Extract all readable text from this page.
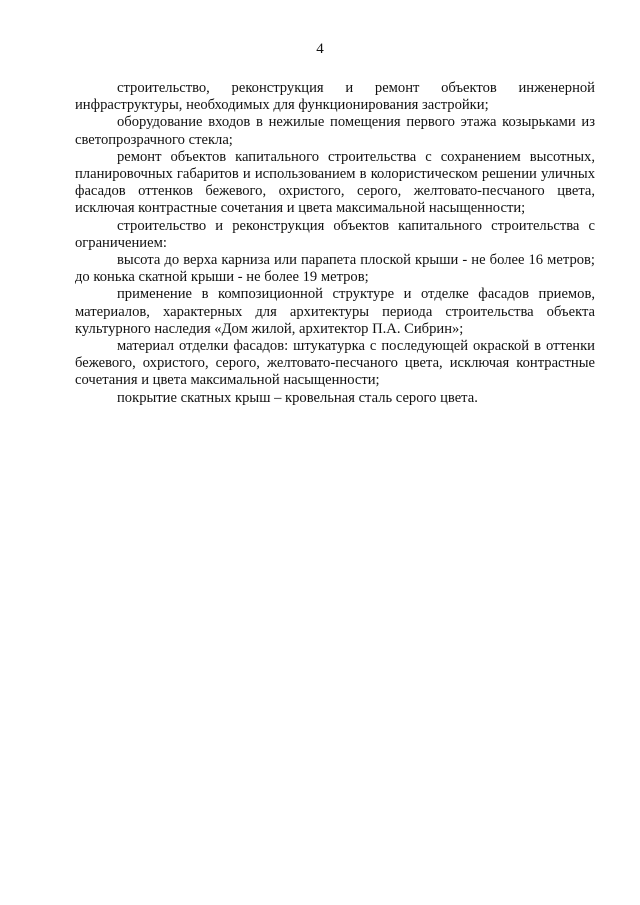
4

строительство, реконструкция и ремонт объектов инженерной инфраструктуры, необходимых для функционирования застройки;

оборудование входов в нежилые помещения первого этажа козырьками из светопрозрачного стекла;

ремонт объектов капитального строительства с сохранением высотных, планировочных габаритов и использованием в колористическом решении уличных фасадов оттенков бежевого, охристого, серого, желтовато-песчаного цвета, исключая контрастные сочетания и цвета максимальной насыщенности;

строительство и реконструкция объектов капитального строительства с ограничением:

высота до верха карниза или парапета плоской крыши - не более 16 метров; до конька скатной крыши - не более 19 метров;

применение в композиционной структуре и отделке фасадов приемов, материалов, характерных для архитектуры периода строительства объекта культурного наследия «Дом жилой, архитектор П.А. Сибрин»;

материал отделки фасадов: штукатурка с последующей окраской в оттенки бежевого, охристого, серого, желтовато-песчаного цвета, исключая контрастные сочетания и цвета максимальной насыщенности;

покрытие скатных крыш – кровельная сталь серого цвета.
